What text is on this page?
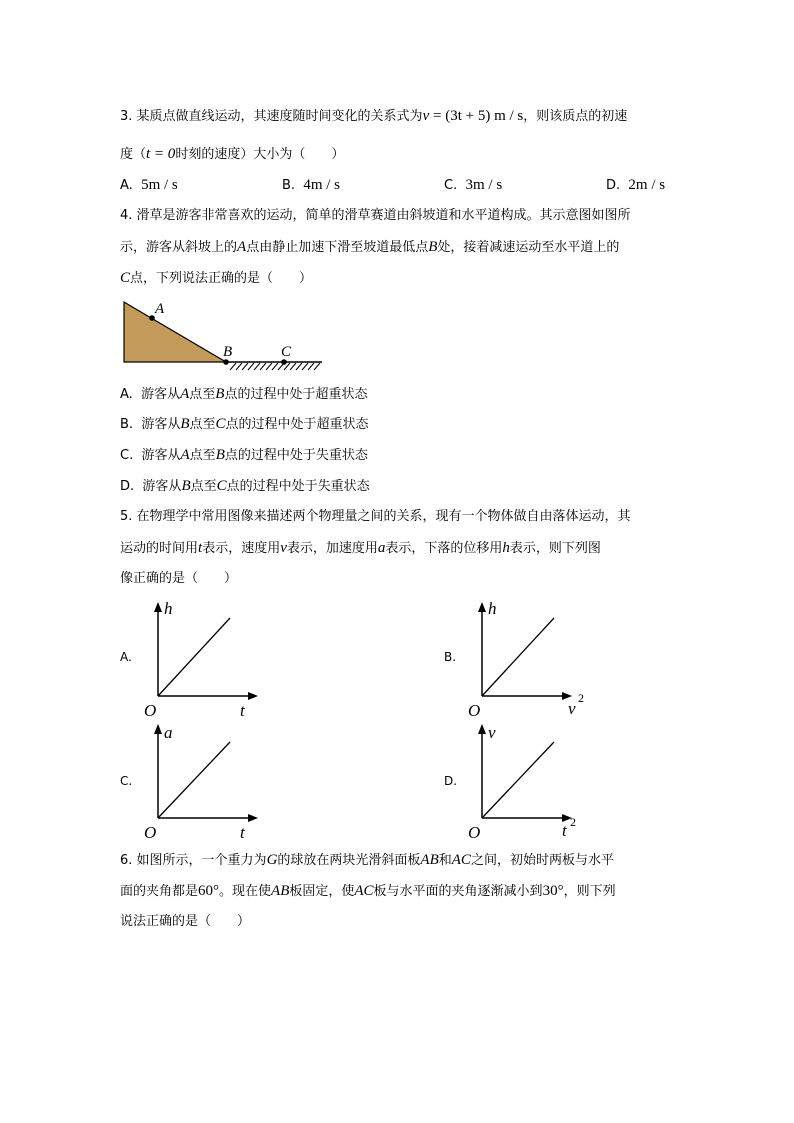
3. 某质点做直线运动，其速度随时间变化的关系式为v = (3t + 5) m / s，则该质点的初速
度（t = 0时刻的速度）大小为（　　）
A. 5m / s	B. 4m / s	C. 3m / s	D. 2m / s
4. 滑草是游客非常喜欢的运动，简单的滑草赛道由斜坡道和水平道构成。其示意图如图所
示，游客从斜坡上的A点由静止加速下滑至坡道最低点B处，接着减速运动至水平道上的
C点，下列说法正确的是（　　）
A
B	C
A. 游客从A点至B点的过程中处于超重状态
B. 游客从B点至C点的过程中处于超重状态
C. 游客从A点至B点的过程中处于失重状态
D. 游客从B点至C点的过程中处于失重状态
5. 在物理学中常用图像来描述两个物理量之间的关系，现有一个物体做自由落体运动，其
运动的时间用t表示，速度用v表示，加速度用a表示，下落的位移用h表示，则下列图
像正确的是（　　）
A.
h
t
O
B.
h
v
2
O
C.
a
t
O
D.
v
t 2
O
6. 如图所示，一个重力为G的球放在两块光滑斜面板AB和AC之间，初始时两板与水平
面的夹角都是60°。现在使AB板固定，使AC板与水平面的夹角逐渐减小到30°，则下列
说法正确的是（　　）
